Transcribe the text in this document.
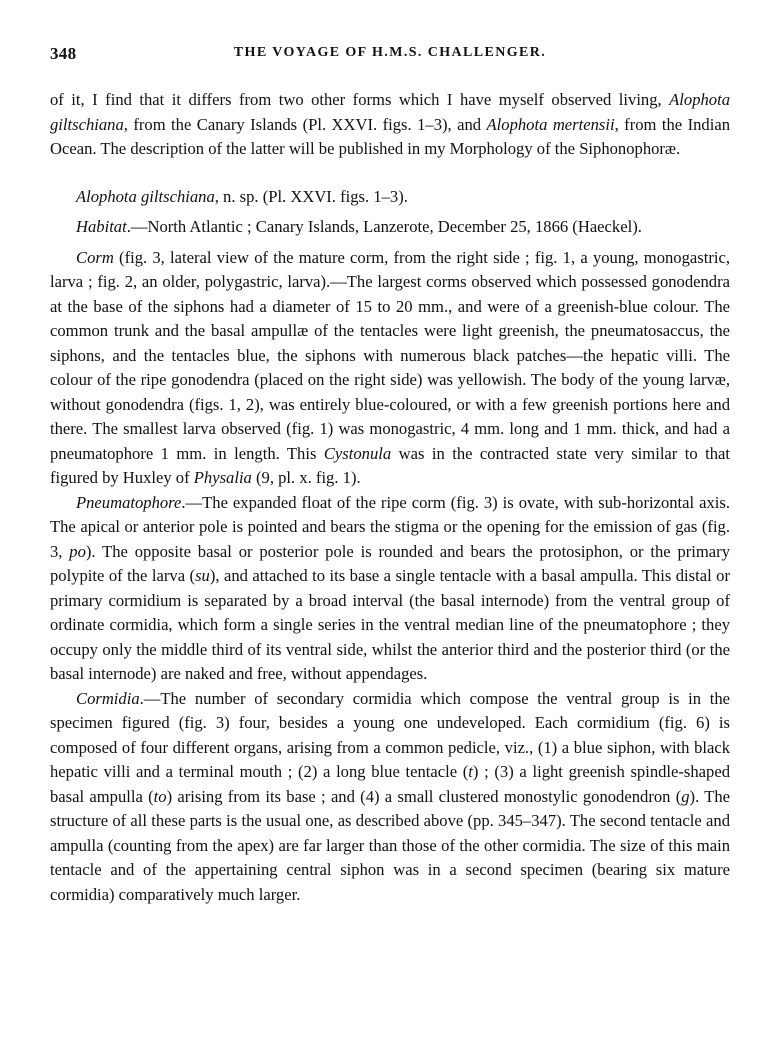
348	THE VOYAGE OF H.M.S. CHALLENGER.

of it, I find that it differs from two other forms which I have myself observed living, Alophota giltschiana, from the Canary Islands (Pl. XXVI. figs. 1–3), and Alophota mertensii, from the Indian Ocean. The description of the latter will be published in my Morphology of the Siphonophoræ.

Alophota giltschiana, n. sp. (Pl. XXVI. figs. 1–3).

Habitat.—North Atlantic ; Canary Islands, Lanzerote, December 25, 1866 (Haeckel).

Corm (fig. 3, lateral view of the mature corm, from the right side ; fig. 1, a young, monogastric, larva ; fig. 2, an older, polygastric, larva).—The largest corms observed which possessed gonodendra at the base of the siphons had a diameter of 15 to 20 mm., and were of a greenish-blue colour. The common trunk and the basal ampullæ of the tentacles were light greenish, the pneumatosaccus, the siphons, and the tentacles blue, the siphons with numerous black patches—the hepatic villi. The colour of the ripe gonodendra (placed on the right side) was yellowish. The body of the young larvæ, without gonodendra (figs. 1, 2), was entirely blue-coloured, or with a few greenish portions here and there. The smallest larva observed (fig. 1) was monogastric, 4 mm. long and 1 mm. thick, and had a pneumatophore 1 mm. in length. This Cystonula was in the contracted state very similar to that figured by Huxley of Physalia (9, pl. x. fig. 1).

Pneumatophore.—The expanded float of the ripe corm (fig. 3) is ovate, with sub-horizontal axis. The apical or anterior pole is pointed and bears the stigma or the opening for the emission of gas (fig. 3, po). The opposite basal or posterior pole is rounded and bears the protosiphon, or the primary polypite of the larva (su), and attached to its base a single tentacle with a basal ampulla. This distal or primary cormidium is separated by a broad interval (the basal internode) from the ventral group of ordinate cormidia, which form a single series in the ventral median line of the pneumatophore ; they occupy only the middle third of its ventral side, whilst the anterior third and the posterior third (or the basal internode) are naked and free, without appendages.

Cormidia.—The number of secondary cormidia which compose the ventral group is in the specimen figured (fig. 3) four, besides a young one undeveloped. Each cormidium (fig. 6) is composed of four different organs, arising from a common pedicle, viz., (1) a blue siphon, with black hepatic villi and a terminal mouth ; (2) a long blue tentacle (t) ; (3) a light greenish spindle-shaped basal ampulla (to) arising from its base ; and (4) a small clustered monostylic gonodendron (g). The structure of all these parts is the usual one, as described above (pp. 345–347). The second tentacle and ampulla (counting from the apex) are far larger than those of the other cormidia. The size of this main tentacle and of the appertaining central siphon was in a second specimen (bearing six mature cormidia) comparatively much larger.
